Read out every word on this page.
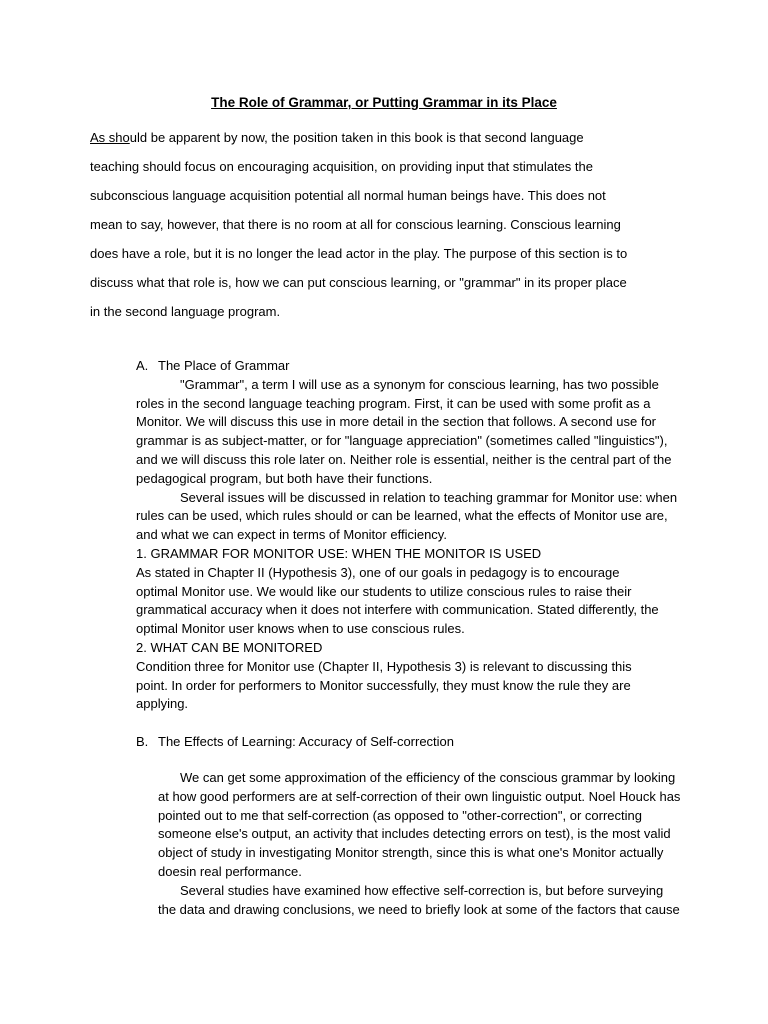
The Role of Grammar, or Putting Grammar in its Place
As should be apparent by now, the position taken in this book is that second language
teaching should focus on encouraging acquisition, on providing input that stimulates the
subconscious language acquisition potential all normal human beings have. This does not
mean to say, however, that there is no room at all for conscious learning. Conscious learning
does have a role, but it is no longer the lead actor in the play. The purpose of this section is to
discuss what that role is, how we can put conscious learning, or "grammar" in its proper place
in the second language program.
A. The Place of Grammar
"Grammar", a term I will use as a synonym for conscious learning, has two possible
roles in the second language teaching program. First, it can be used with some profit as a
Monitor. We will discuss this use in more detail in the section that follows. A second use for
grammar is as subject-matter, or for "language appreciation" (sometimes called "linguistics"),
and we will discuss this role later on. Neither role is essential, neither is the central part of the
pedagogical program, but both have their functions.
Several issues will be discussed in relation to teaching grammar for Monitor use: when
rules can be used, which rules should or can be learned, what the effects of Monitor use are,
and what we can expect in terms of Monitor efficiency.
1. GRAMMAR FOR MONITOR USE: WHEN THE MONITOR IS USED
As stated in Chapter II (Hypothesis 3), one of our goals in pedagogy is to encourage
optimal Monitor use. We would like our students to utilize conscious rules to raise their
grammatical accuracy when it does not interfere with communication. Stated differently, the
optimal Monitor user knows when to use conscious rules.
2. WHAT CAN BE MONITORED
Condition three for Monitor use (Chapter II, Hypothesis 3) is relevant to discussing this
point. In order for performers to Monitor successfully, they must know the rule they are
applying.
B. The Effects of Learning: Accuracy of Self-correction
We can get some approximation of the efficiency of the conscious grammar by looking
at how good performers are at self-correction of their own linguistic output. Noel Houck has
pointed out to me that self-correction (as opposed to "other-correction", or correcting
someone else's output, an activity that includes detecting errors on test), is the most valid
object of study in investigating Monitor strength, since this is what one's Monitor actually
doesin real performance.
Several studies have examined how effective self-correction is, but before surveying
the data and drawing conclusions, we need to briefly look at some of the factors that cause
